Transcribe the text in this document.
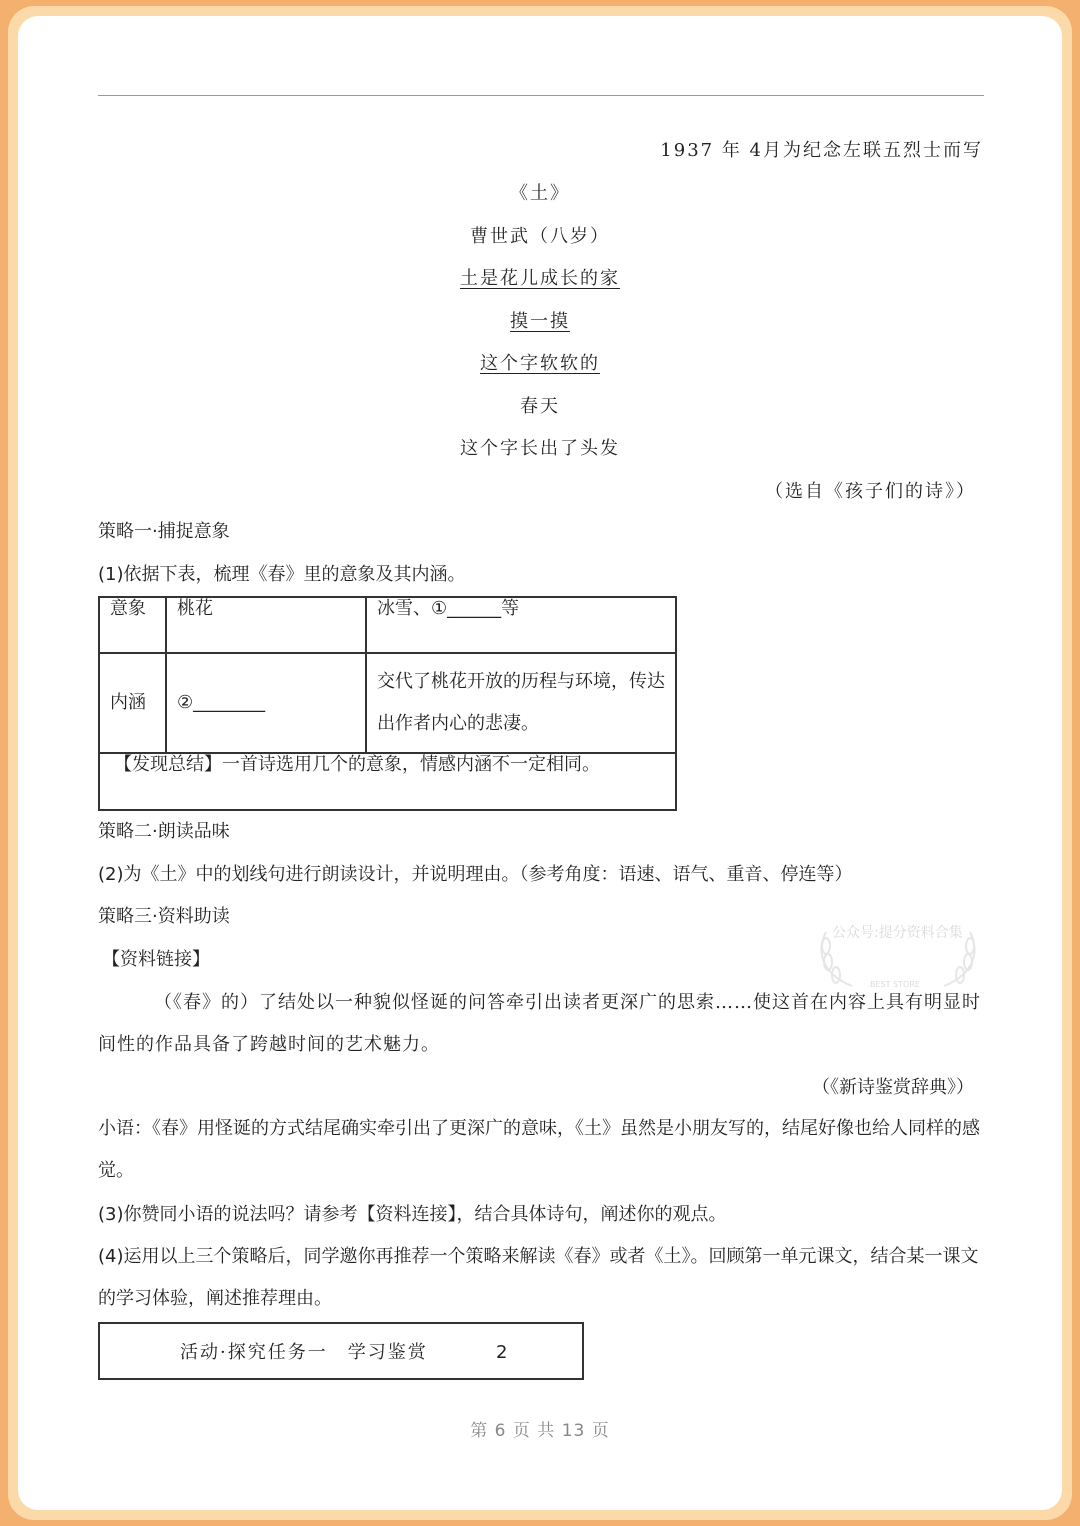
1937 年 4月为纪念左联五烈士而写
《土》
曹世武（八岁）
土是花儿成长的家
摸一摸
这个字软软的
春天
这个字长出了头发
（选自《孩子们的诗》）
策略一·捕捉意象
(1)依据下表，梳理《春》里的意象及其内涵。
意象	桃花	冰雪、①______等
内涵	②________	交代了桃花开放的历程与环境，传达出作者内心的悲凄。
【发现总结】一首诗选用几个的意象，情感内涵不一定相同。		
策略二·朗读品味
(2)为《土》中的划线句进行朗读设计，并说明理由。（参考角度：语速、语气、重音、停连等）
策略三·资料助读
【资料链接】
（《春》的）了结处以一种貌似怪诞的问答牵引出读者更深广的思索……使这首在内容上具有明显时间性的作品具备了跨越时间的艺术魅力。
（《新诗鉴赏辞典》）
小语：《春》用怪诞的方式结尾确实牵引出了更深广的意味，《土》虽然是小朋友写的，结尾好像也给人同样的感觉。
(3)你赞同小语的说法吗？请参考【资料连接】，结合具体诗句，阐述你的观点。
(4)运用以上三个策略后，同学邀你再推荐一个策略来解读《春》或者《土》。回顾第一单元课文，结合某一课文的学习体验，阐述推荐理由。
活动·探究任务一　学习鉴赏	2
第 6 页 共 13 页
公众号:提分资料合集
BEST STORE
